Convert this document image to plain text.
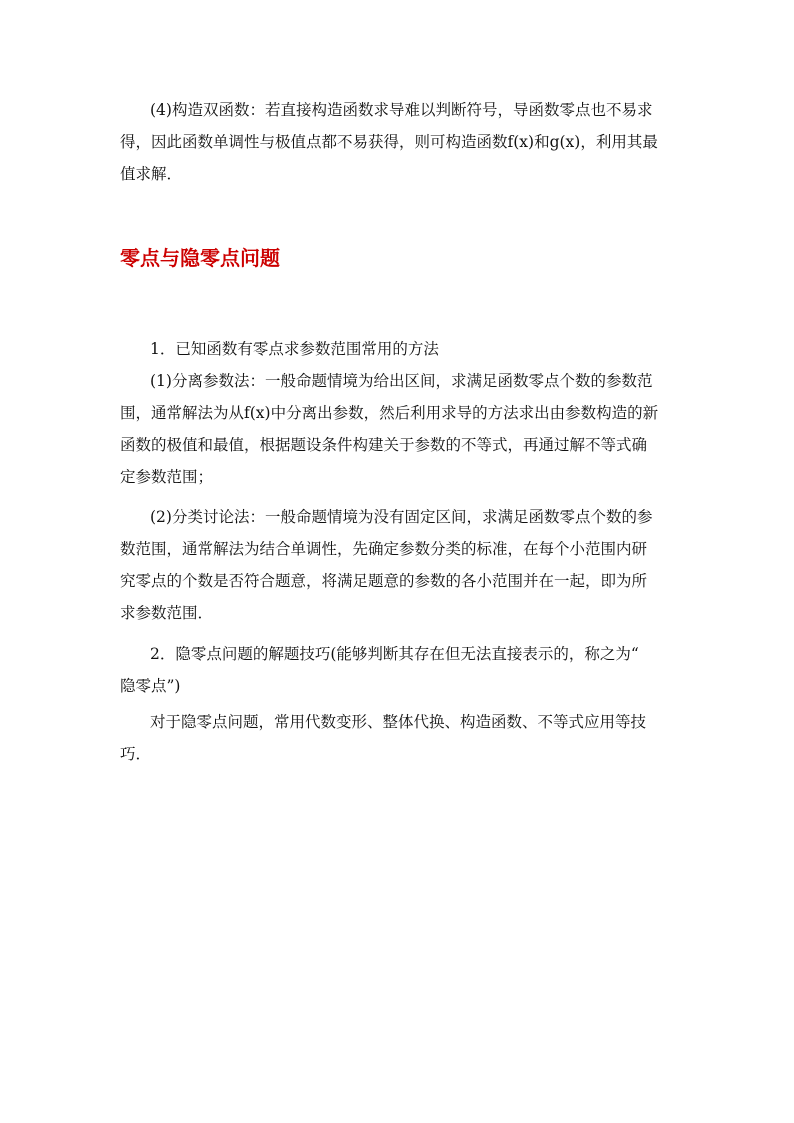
(4)构造双函数：若直接构造函数求导难以判断符号，导函数零点也不易求
得，因此函数单调性与极值点都不易获得，则可构造函数f(x)和g(x)，利用其最
值求解．

零点与隐零点问题

1．已知函数有零点求参数范围常用的方法

(1)分离参数法：一般命题情境为给出区间，求满足函数零点个数的参数范
围，通常解法为从f(x)中分离出参数，然后利用求导的方法求出由参数构造的新
函数的极值和最值，根据题设条件构建关于参数的不等式，再通过解不等式确
定参数范围；

(2)分类讨论法：一般命题情境为没有固定区间，求满足函数零点个数的参
数范围，通常解法为结合单调性，先确定参数分类的标准，在每个小范围内研
究零点的个数是否符合题意，将满足题意的参数的各小范围并在一起，即为所
求参数范围．

2．隐零点问题的解题技巧(能够判断其存在但无法直接表示的，称之为“
隐零点”)

对于隐零点问题，常用代数变形、整体代换、构造函数、不等式应用等技
巧．
